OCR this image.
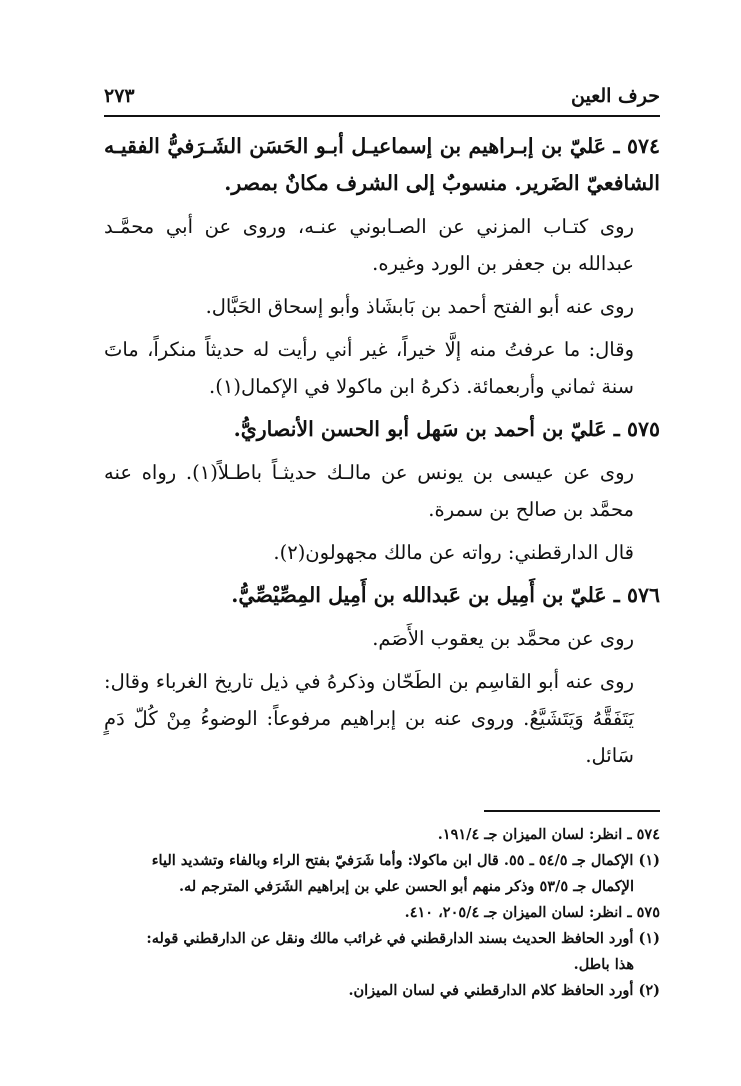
حرف العين
٢٧٣

٥٧٤ ـ عَليّ بن إبـراهيم بن إسماعيـل أبـو الحَسَن الشَـرَفيُّ الفقيـه الشافعيّ الضَرير. منسوبٌ إلى الشرف مكانٌ بمصر.

روى كتـاب المزني عن الصـابوني عنـه، وروى عن أبي محمَّـد عبدالله بن جعفر بن الورد وغيره.

روى عنه أبو الفتح أحمد بن بَابشَاذ وأبو إسحاق الحَبَّال.

وقال: ما عرفتُ منه إلَّا خيراً، غير أني رأيت له حديثاً منكراً، ماتَ سنة ثماني وأربعمائة. ذكرهُ ابن ماكولا في الإكمال(١).

٥٧٥ ـ عَليّ بن أحمد بن سَهل أبو الحسن الأنصاريُّ.

روى عن عيسى بن يونس عن مالـك حديثـاً باطـلاً(١). رواه عنه محمَّد بن صالح بن سمرة.

قال الدارقطني: رواته عن مالك مجهولون(٢).

٥٧٦ ـ عَليّ بن أَمِيل بن عَبدالله بن أَمِيل المِصِّيْصِّيُّ.

روى عن محمَّد بن يعقوب الأَصَم.

روى عنه أبو القاسِم بن الطَحّان وذكرهُ في ذيل تاريخ الغرباء وقال: يَتَفَقَّهُ وَيَتَشَيَّعُ. وروى عنه بن إبراهيم مرفوعاً: الوضوءُ مِنْ كُلّ دَمٍ سَائل.

٥٧٤ ـ انظر: لسان الميزان جـ ١٩١/٤.

(١) الإكمال جـ ٥٤/٥ ـ ٥٥. قال ابن ماكولا: وأما شَرَفيّ بفتح الراء وبالفاء وتشديد الياء

الإكمال جـ ٥٣/٥ وذكر منهم أبو الحسن علي بن إبراهيم الشَرَفي المترجم له.

٥٧٥ ـ انظر: لسان الميزان جـ ٢٠٥/٤، ٤١٠.

(١) أورد الحافظ الحديث بسند الدارقطني في غرائب مالك ونقل عن الدارقطني قوله:

هذا باطل.

(٢) أورد الحافظ كلام الدارقطني في لسان الميزان.
